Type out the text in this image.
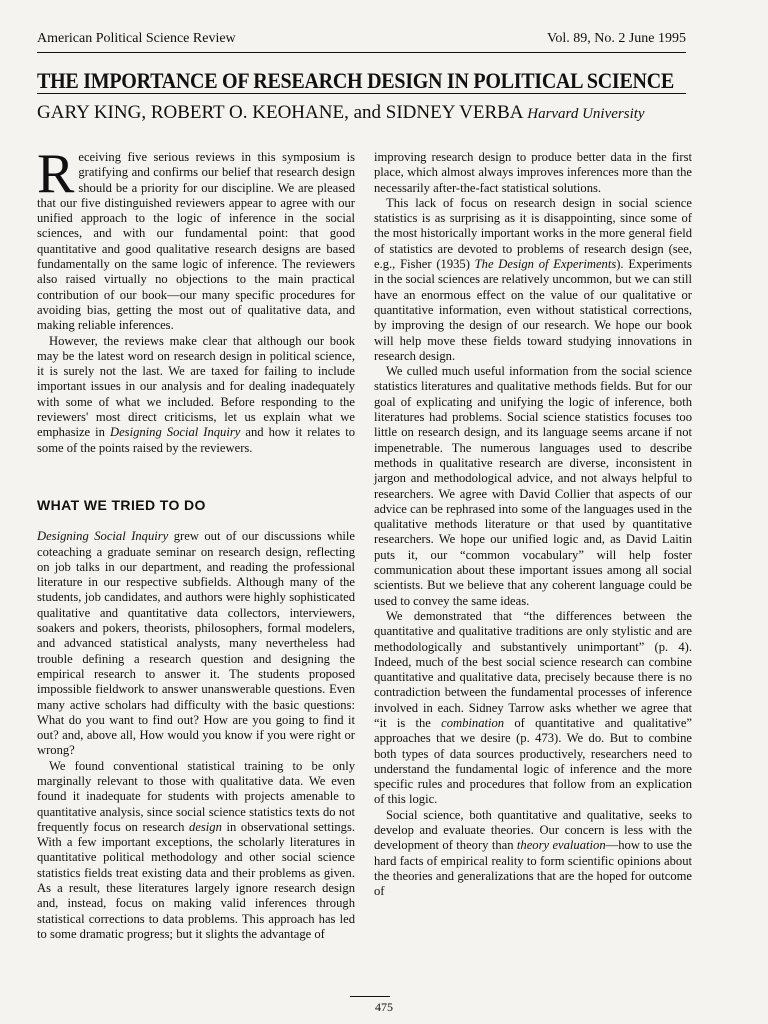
American Political Science Review	Vol. 89, No. 2 June 1995
THE IMPORTANCE OF RESEARCH DESIGN IN POLITICAL SCIENCE
GARY KING, ROBERT O. KEOHANE, and SIDNEY VERBA Harvard University

Receiving five serious reviews in this symposium is gratifying and confirms our belief that research design should be a priority for our discipline. We are pleased that our five distinguished reviewers appear to agree with our unified approach to the logic of inference in the social sciences, and with our fundamental point: that good quantitative and good qualitative research designs are based fundamentally on the same logic of inference. The reviewers also raised virtually no objections to the main practical contribution of our book—our many specific procedures for avoiding bias, getting the most out of qualitative data, and making reliable inferences.

However, the reviews make clear that although our book may be the latest word on research design in political science, it is surely not the last. We are taxed for failing to include important issues in our analysis and for dealing inadequately with some of what we included. Before responding to the reviewers' most direct criticisms, let us explain what we emphasize in Designing Social Inquiry and how it relates to some of the points raised by the reviewers.

WHAT WE TRIED TO DO

Designing Social Inquiry grew out of our discussions while coteaching a graduate seminar on research design, reflecting on job talks in our department, and reading the professional literature in our respective subfields. Although many of the students, job candidates, and authors were highly sophisticated qualitative and quantitative data collectors, interviewers, soakers and pokers, theorists, philosophers, formal modelers, and advanced statistical analysts, many nevertheless had trouble defining a research question and designing the empirical research to answer it. The students proposed impossible fieldwork to answer unanswerable questions. Even many active scholars had difficulty with the basic questions: What do you want to find out? How are you going to find it out? and, above all, How would you know if you were right or wrong?

We found conventional statistical training to be only marginally relevant to those with qualitative data. We even found it inadequate for students with projects amenable to quantitative analysis, since social science statistics texts do not frequently focus on research design in observational settings. With a few important exceptions, the scholarly literatures in quantitative political methodology and other social science statistics fields treat existing data and their problems as given. As a result, these literatures largely ignore research design and, instead, focus on making valid inferences through statistical corrections to data problems. This approach has led to some dramatic progress; but it slights the advantage of

improving research design to produce better data in the first place, which almost always improves inferences more than the necessarily after-the-fact statistical solutions.

This lack of focus on research design in social science statistics is as surprising as it is disappointing, since some of the most historically important works in the more general field of statistics are devoted to problems of research design (see, e.g., Fisher (1935) The Design of Experiments). Experiments in the social sciences are relatively uncommon, but we can still have an enormous effect on the value of our qualitative or quantitative information, even without statistical corrections, by improving the design of our research. We hope our book will help move these fields toward studying innovations in research design.

We culled much useful information from the social science statistics literatures and qualitative methods fields. But for our goal of explicating and unifying the logic of inference, both literatures had problems. Social science statistics focuses too little on research design, and its language seems arcane if not impenetrable. The numerous languages used to describe methods in qualitative research are diverse, inconsistent in jargon and methodological advice, and not always helpful to researchers. We agree with David Collier that aspects of our advice can be rephrased into some of the languages used in the qualitative methods literature or that used by quantitative researchers. We hope our unified logic and, as David Laitin puts it, our “common vocabulary” will help foster communication about these important issues among all social scientists. But we believe that any coherent language could be used to convey the same ideas.

We demonstrated that “the differences between the quantitative and qualitative traditions are only stylistic and are methodologically and substantively unimportant” (p. 4). Indeed, much of the best social science research can combine quantitative and qualitative data, precisely because there is no contradiction between the fundamental processes of inference involved in each. Sidney Tarrow asks whether we agree that “it is the combination of quantitative and qualitative” approaches that we desire (p. 473). We do. But to combine both types of data sources productively, researchers need to understand the fundamental logic of inference and the more specific rules and procedures that follow from an explication of this logic.

Social science, both quantitative and qualitative, seeks to develop and evaluate theories. Our concern is less with the development of theory than theory evaluation—how to use the hard facts of empirical reality to form scientific opinions about the theories and generalizations that are the hoped for outcome of

475
